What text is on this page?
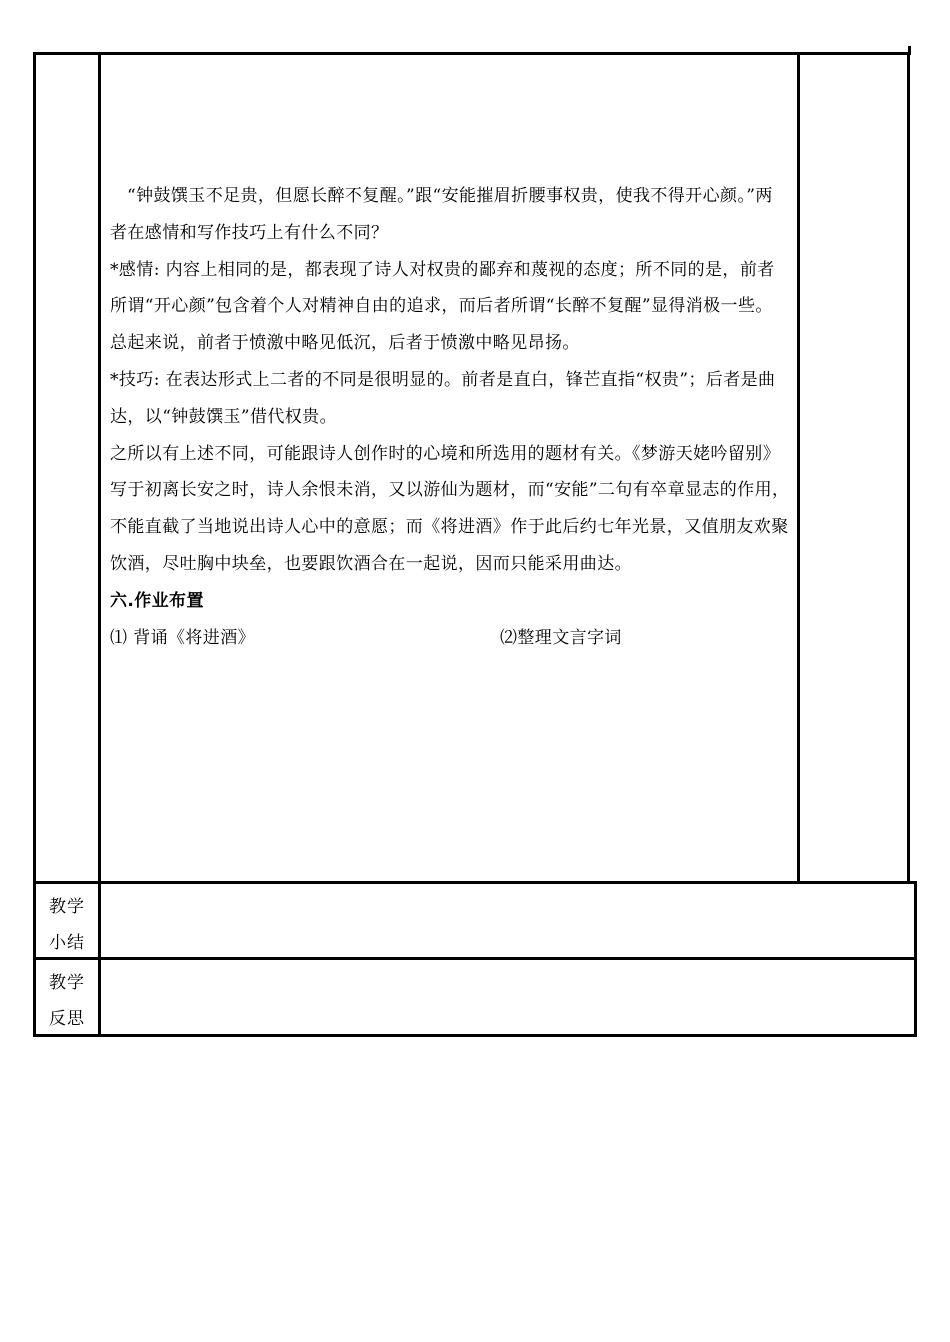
“钟鼓馔玉不足贵，但愿长醉不复醒。”跟“安能摧眉折腰事权贵，使我不得开心颜。”两者在感情和写作技巧上有什么不同？

*感情: 内容上相同的是，都表现了诗人对权贵的鄙弃和蔑视的态度；所不同的是，前者所谓“开心颜”包含着个人对精神自由的追求，而后者所谓“长醉不复醒”显得消极一些。总起来说，前者于愤激中略见低沉，后者于愤激中略见昂扬。

*技巧: 在表达形式上二者的不同是很明显的。前者是直白，锋芒直指“权贵”；后者是曲达，以“钟鼓馔玉”借代权贵。

之所以有上述不同，可能跟诗人创作时的心境和所选用的题材有关。《梦游天姥吟留别》写于初离长安之时，诗人余恨未消，又以游仙为题材，而“安能”二句有卒章显志的作用，不能直截了当地说出诗人心中的意愿；而《将进酒》作于此后约七年光景，又值朋友欢聚饮酒，尽吐胸中块垒，也要跟饮酒合在一起说，因而只能采用曲达。

六.作业布置

⑴ 背诵《将进酒》	⑵整理文言字词
教学
小结
教学
反思
